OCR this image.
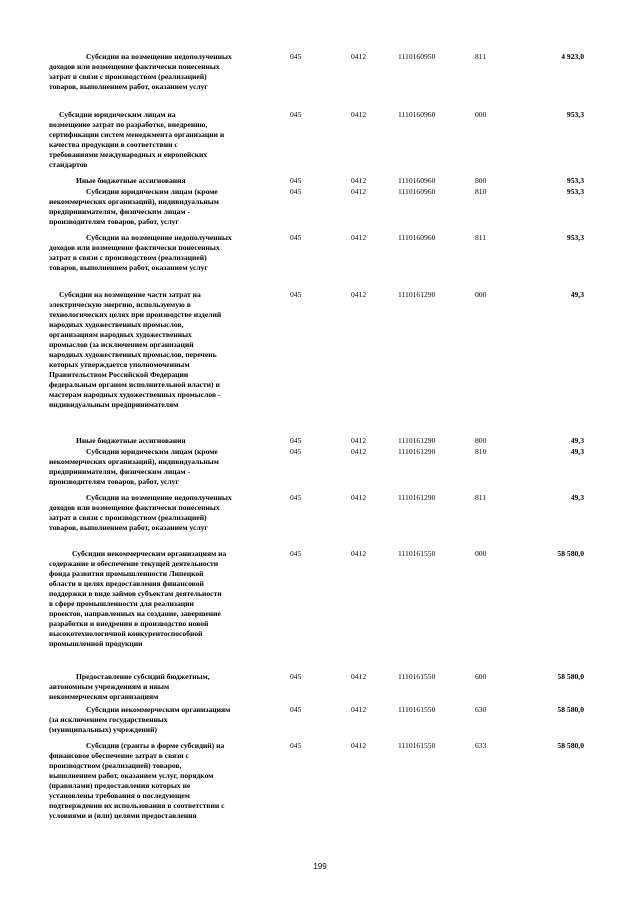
Субсидии на возмещение недополученных
доходов или возмещение фактически понесенных
затрат в связи с производством (реализацией)
товаров, выполнением работ, оказанием услуг
045	0412	1110160950	811	4 923,0
Субсидии юридическим лицам на
возмещение затрат по разработке, внедрению,
сертификации систем менеджмента организации и
качества продукции в соответствии с
требованиями международных и европейских
стандартов
045	0412	1110160960	000	953,3
Иные бюджетные ассигнования	045	0412	1110160960	800	953,3
Субсидии юридическим лицам (кроме
некоммерческих организаций), индивидуальным
предпринимателям, физическим лицам -
производителям товаров, работ, услуг
045	0412	1110160960	810	953,3
Субсидии на возмещение недополученных
доходов или возмещение фактически понесенных
затрат в связи с производством (реализацией)
товаров, выполнением работ, оказанием услуг
045	0412	1110160960	811	953,3
Субсидии на возмещение части затрат на
электрическую энергию, используемую в
технологических целях при производстве изделий
народных художественных промыслов,
организациям народных художественных
промыслов (за исключением организаций
народных художественных промыслов, перечень
которых утверждается уполномоченным
Правительством Российской Федерации
федеральным органом исполнительной власти) и
мастерам народных художественных промыслов -
индивидуальным предпринимателям
045	0412	1110161290	000	49,3
Иные бюджетные ассигнования	045	0412	1110161290	800	49,3
Субсидии юридическим лицам (кроме
некоммерческих организаций), индивидуальным
предпринимателям, физическим лицам -
производителям товаров, работ, услуг
045	0412	1110161290	810	49,3
Субсидии на возмещение недополученных
доходов или возмещение фактически понесенных
затрат в связи с производством (реализацией)
товаров, выполнением работ, оказанием услуг
045	0412	1110161290	811	49,3
Субсидии некоммерческим организациям на
содержание и обеспечение текущей деятельности
фонда развития промышленности Липецкой
области в целях предоставления финансовой
поддержки в виде займов субъектам деятельности
в сфере промышленности для реализации
проектов, направленных на создание, завершение
разработки и внедрения в производство новой
высокотехнологичной конкурентоспособной
промышленной продукции
045	0412	1110161550	000	58 580,0
Предоставление субсидий бюджетным,
автономным учреждениям и иным
некоммерческим организациям
045	0412	1110161550	600	58 580,0
Субсидии некоммерческим организациям
(за исключением государственных
(муниципальных) учреждений)
045	0412	1110161550	630	58 580,0
Субсидии (гранты в форме субсидий) на
финансовое обеспечение затрат в связи с
производством (реализацией) товаров,
выполнением работ, оказанием услуг, порядком
(правилами) предоставления которых не
установлены требования о последующем
подтверждении их использования в соответствии с
условиями и (или) целями предоставления
045	0412	1110161550	633	58 580,0
199
